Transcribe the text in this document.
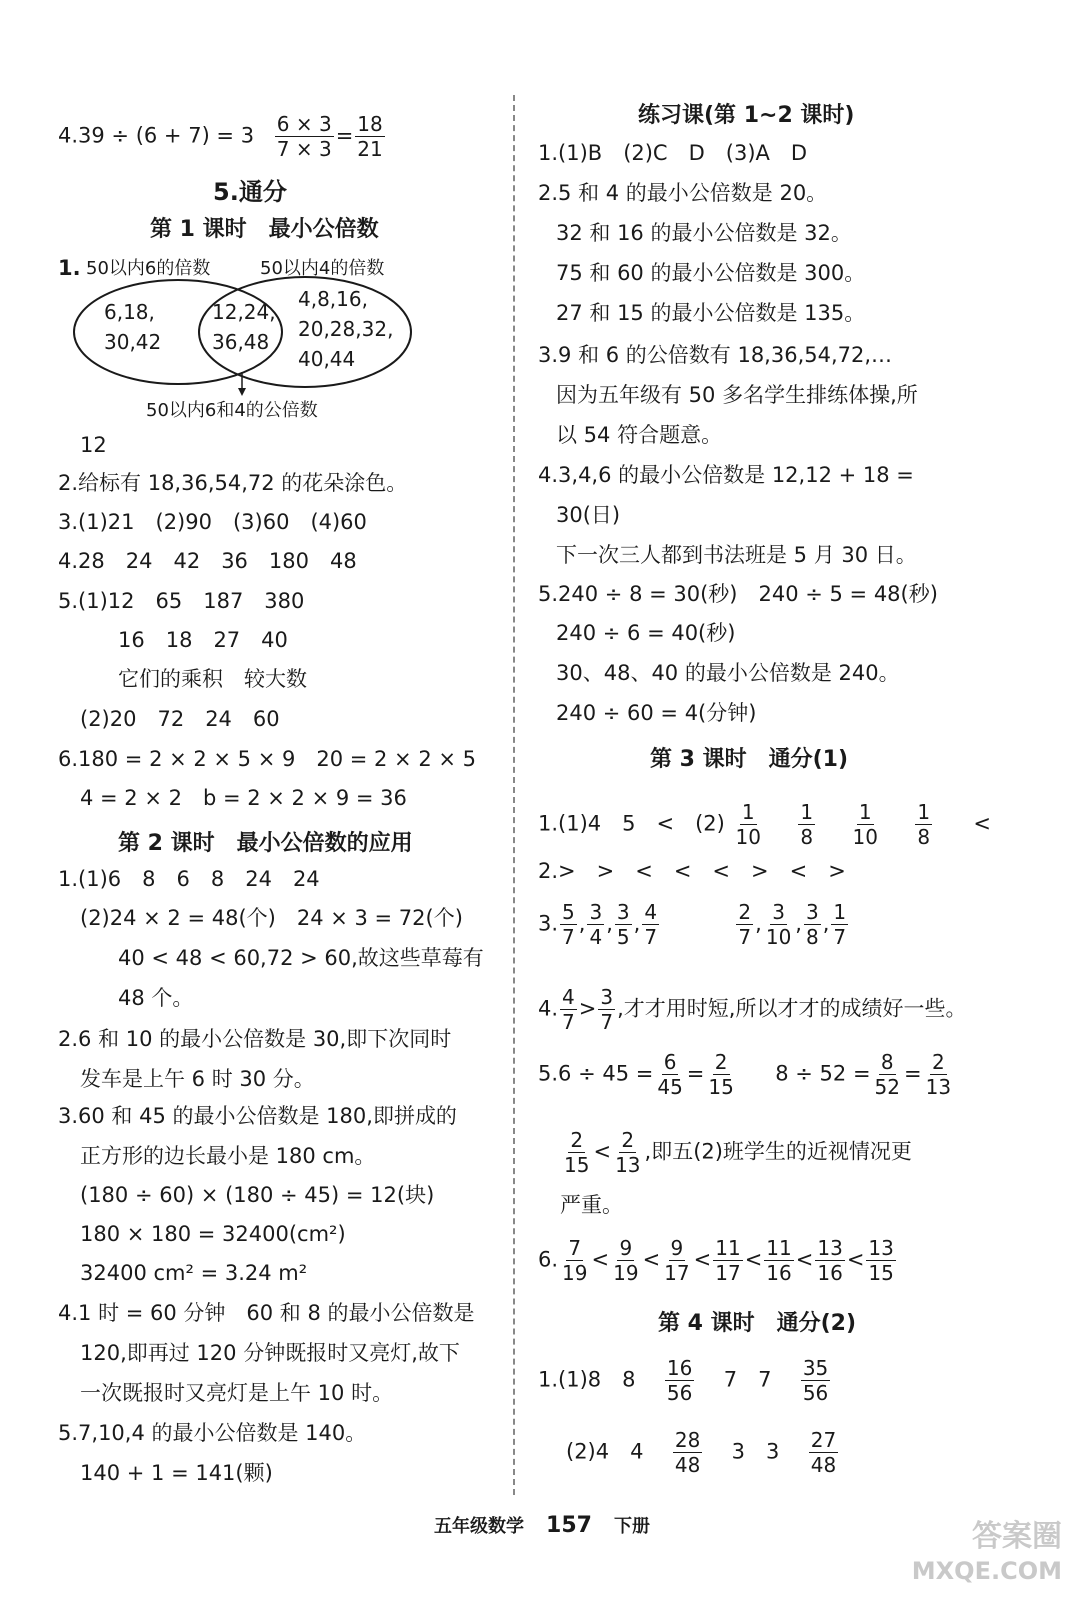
$4.39 \div (6 + 7) = 3 \frac{6 \times 3}{7 \times 3} = \frac{18}{21}$
5.通分
第 1 课时　最小公倍数
1. 50以内6的倍数	50以内4的倍数
6,18,
30,42
12,24,
36,48
4,8,16,
20,28,32,
40,44
50以内6和4的公倍数
12
2.给标有 18,36,54,72 的花朵涂色。
3.(1)21　(2)90　(3)60　(4)60
4.28　24　42　36　180　48
5.(1)12　65　187　380
16　18　27　40
它们的乘积　较大数
(2)20　72　24　60
6.180 = 2 × 2 × 5 × 9　20 = 2 × 2 × 5
4 = 2 × 2　b = 2 × 2 × 9 = 36
第 2 课时　最小公倍数的应用
1.(1)6　8　6　8　24　24
(2)24 × 2 = 48(个)　24 × 3 = 72(个)
40 < 48 < 60,72 > 60,故这些草莓有
48 个。
2.6 和 10 的最小公倍数是 30,即下次同时
发车是上午 6 时 30 分。
3.60 和 45 的最小公倍数是 180,即拼成的
正方形的边长最小是 180 cm。
(180 ÷ 60) × (180 ÷ 45) = 12(块)
180 × 180 = 32400(cm²)
32400 cm² = 3.24 m²
4.1 时 = 60 分钟　60 和 8 的最小公倍数是
120,即再过 120 分钟既报时又亮灯,故下
一次既报时又亮灯是上午 10 时。
5.7,10,4 的最小公倍数是 140。
140 + 1 = 141(颗)
练习课(第 1~2 课时)
1.(1)B　(2)C　D　(3)A　D
2.5 和 4 的最小公倍数是 20。
32 和 16 的最小公倍数是 32。
75 和 60 的最小公倍数是 300。
27 和 15 的最小公倍数是 135。
3.9 和 6 的公倍数有 18,36,54,72,…
因为五年级有 50 多名学生排练体操,所
以 54 符合题意。
4.3,4,6 的最小公倍数是 12,12 + 18 =
30(日)
下一次三人都到书法班是 5 月 30 日。
5.240 ÷ 8 = 30(秒)　240 ÷ 5 = 48(秒)
240 ÷ 6 = 40(秒)
30、48、40 的最小公倍数是 240。
240 ÷ 60 = 4(分钟)
第 3 课时　通分(1)
1.(1)4　5　<　$(2) \frac{1}{10}$
$\frac{1}{8}$
$\frac{1}{10}$
$\frac{1}{8}$ <
2.>　>　<　<　<　>　<　>
3. $\frac{5}{7}$ , $\frac{3}{4}$ , $\frac{3}{5}$ , $\frac{4}{7}$
	$\frac{2}{7}$ , $\frac{3}{10}$ , $\frac{3}{8}$ , $\frac{1}{7}$
4. $\frac{4}{7} > \frac{3}{7}$ ,才才用时短,所以才才的成绩好一些。
$5.6 \div 45 = \frac{6}{45} = \frac{2}{15} 8 \div 52 = \frac{8}{52} = \frac{2}{13}$
$\frac{2}{15} < \frac{2}{13}$ ,即五(2)班学生的近视情况更
严重。
6. $\frac{7}{19} < \frac{9}{19} < \frac{9}{17} < \frac{11}{17} < \frac{11}{16} < \frac{13}{16} < \frac{13}{15}$
第 4 课时　通分(2)
1.(1)8　$8 \frac{16}{56} 7$　$7 \frac{35}{56}$
(2)4　$4 \frac{28}{48} 3$　$3 \frac{27}{48}$
五年级数学 157 下册	答案圈
MXQE.COM
